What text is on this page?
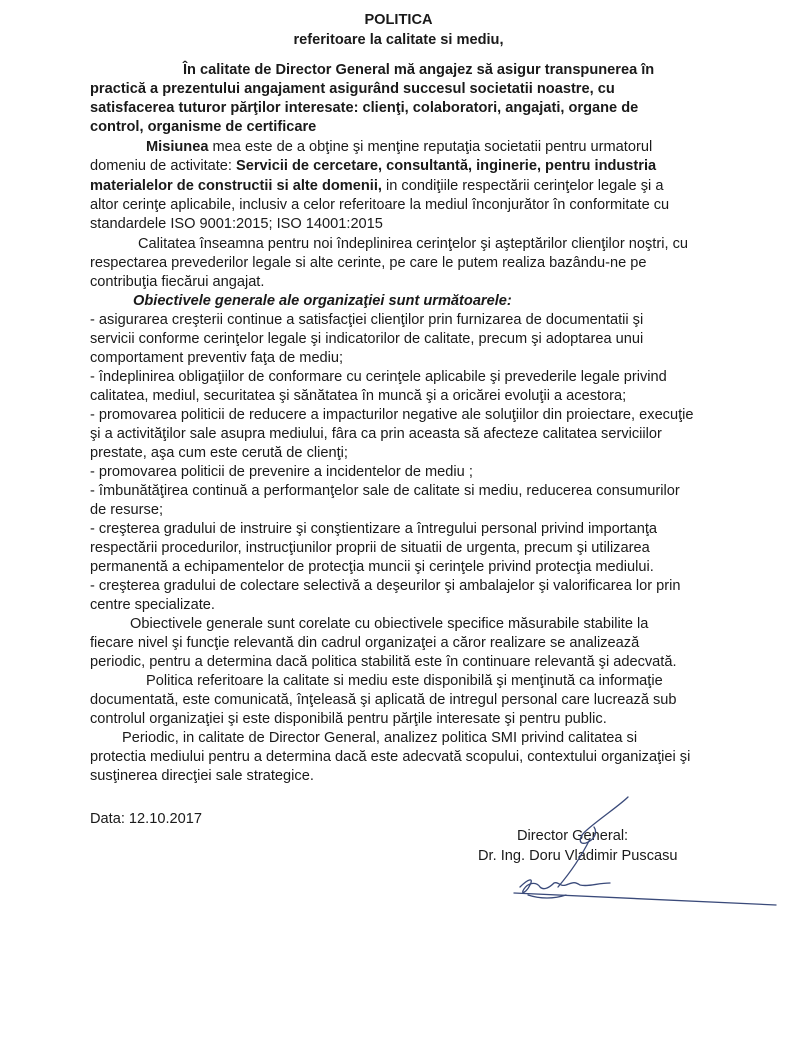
POLITICA
referitoare la calitate si mediu,
În calitate de Director General mă angajez să asigur transpunerea în
practică a prezentului angajament asigurând succesul societatii noastre, cu
satisfacerea tuturor părţilor interesate: clienţi, colaboratori, angajati, organe de
control, organisme de certificare
Misiunea mea este de a obţine şi menţine reputaţia societatii pentru urmatorul
domeniu de activitate: Servicii de cercetare, consultantă, inginerie, pentru industria
materialelor de constructii si alte domenii, in condiţiile respectării cerinţelor legale şi a
altor cerinţe aplicabile, inclusiv a celor referitoare la mediul înconjurător în conformitate cu
standardele ISO 9001:2015; ISO 14001:2015
Calitatea înseamna pentru noi îndeplinirea cerinţelor şi aşteptărilor clienţilor noştri, cu
respectarea prevederilor legale si alte cerinte, pe care le putem realiza bazându-ne pe
contribuţia fiecărui angajat.
Obiectivele generale ale organizaţiei sunt următoarele:
- asigurarea creşterii continue a satisfacţiei clienţilor prin furnizarea de documentatii şi
servicii conforme cerinţelor legale şi indicatorilor de calitate, precum şi adoptarea unui
comportament preventiv faţa de mediu;
- îndeplinirea obligaţiilor de conformare cu cerinţele aplicabile şi prevederile legale privind
calitatea, mediul, securitatea şi sănătatea în muncă şi a oricărei evoluţii a acestora;
- promovarea politicii de reducere a impacturilor negative ale soluţiilor din proiectare, execuţie
şi a activităţilor sale asupra mediului, fâra ca prin aceasta să afecteze calitatea serviciilor
prestate, aşa cum este cerută de clienţi;
- promovarea politicii de prevenire a incidentelor de mediu ;
- îmbunătăţirea continuă a performanţelor sale de calitate si mediu, reducerea consumurilor
de resurse;
- creşterea gradului de instruire şi conştientizare a întregului personal privind importanţa
respectării procedurilor, instrucţiunilor proprii de situatii de urgenta, precum şi utilizarea
permanentă a echipamentelor de protecţia muncii şi cerinţele privind protecţia mediului.
- creşterea gradului de colectare selectivă a deşeurilor şi ambalajelor şi valorificarea lor prin
centre specializate.
Obiectivele generale sunt corelate cu obiectivele specifice măsurabile stabilite la
fiecare nivel şi funcţie relevantă din cadrul organizaţei a căror realizare se analizează
periodic, pentru a determina dacă politica stabilită este în continuare relevantă şi adecvată.
Politica referitoare la calitate si mediu este disponibilă şi menţinută ca informaţie
documentată, este comunicată, înţeleasă şi aplicată de intregul personal care lucrează sub
controlul organizaţiei şi este disponibilă pentru părţile interesate şi pentru public.
Periodic, in calitate de Director General, analizez politica SMI privind calitatea si
protectia mediului pentru a determina dacă este adecvată scopului, contextului organizaţiei şi
susţinerea direcţiei sale strategice.
Data: 12.10.2017
Director General:
Dr. Ing. Doru Vladimir Puscasu
